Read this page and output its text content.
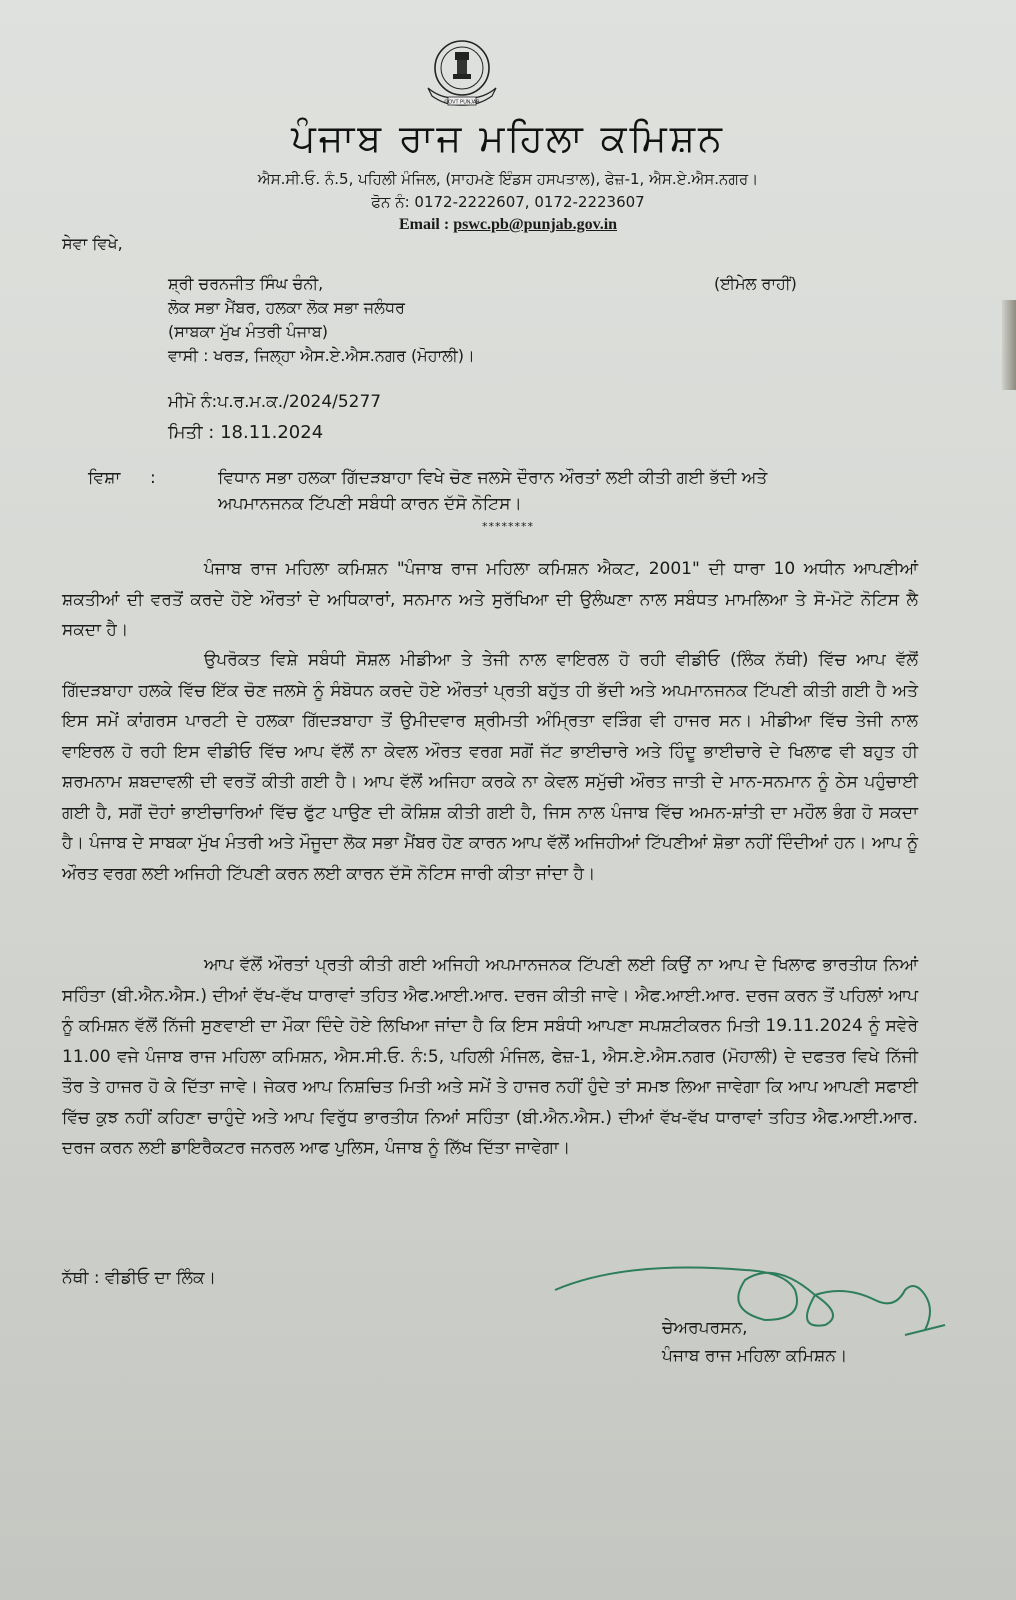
GOVT PUNJAB
ਪੰਜਾਬ ਰਾਜ ਮਹਿਲਾ ਕਮਿਸ਼ਨ
ਐਸ.ਸੀ.ਓ. ਨੰ.5, ਪਹਿਲੀ ਮੰਜਿਲ, (ਸਾਹਮਣੇ ਇੰਡਸ ਹਸਪਤਾਲ), ਫੇਜ਼-1, ਐਸ.ਏ.ਐਸ.ਨਗਰ।
ਫੋਨ ਨੰ: 0172-2222607, 0172-2223607
Email : pswc.pb@punjab.gov.in
ਸੇਵਾ ਵਿਖੇ,
ਸ਼੍ਰੀ ਚਰਨਜੀਤ ਸਿੰਘ ਚੰਨੀ,	(ਈਮੇਲ ਰਾਹੀਂ)
ਲੋਕ ਸਭਾ ਮੈਂਬਰ, ਹਲਕਾ ਲੋਕ ਸਭਾ ਜਲੰਧਰ
(ਸਾਬਕਾ ਮੁੱਖ ਮੰਤਰੀ ਪੰਜਾਬ)
ਵਾਸੀ : ਖਰੜ, ਜਿਲ੍ਹਾ ਐਸ.ਏ.ਐਸ.ਨਗਰ (ਮੋਹਾਲੀ)।
ਮੀਮੋ ਨੰ:ਪ.ਰ.ਮ.ਕ./2024/5277
ਮਿਤੀ : 18.11.2024
ਵਿਸ਼ਾ :	ਵਿਧਾਨ ਸਭਾ ਹਲਕਾ ਗਿੱਦੜਬਾਹਾ ਵਿਖੇ ਚੋਣ ਜਲਸੇ ਦੌਰਾਨ ਔਰਤਾਂ ਲਈ ਕੀਤੀ ਗਈ ਭੱਦੀ ਅਤੇ
ਅਪਮਾਨਜਨਕ ਟਿੱਪਣੀ ਸਬੰਧੀ ਕਾਰਨ ਦੱਸੋ ਨੋਟਿਸ।
********
ਪੰਜਾਬ ਰਾਜ ਮਹਿਲਾ ਕਮਿਸ਼ਨ "ਪੰਜਾਬ ਰਾਜ ਮਹਿਲਾ ਕਮਿਸ਼ਨ ਐਕਟ, 2001" ਦੀ ਧਾਰਾ 10 ਅਧੀਨ ਆਪਣੀਆਂ ਸ਼ਕਤੀਆਂ ਦੀ ਵਰਤੋਂ ਕਰਦੇ ਹੋਏ ਔਰਤਾਂ ਦੇ ਅਧਿਕਾਰਾਂ, ਸਨਮਾਨ ਅਤੇ ਸੁਰੱਖਿਆ ਦੀ ਉਲੰਘਣਾ ਨਾਲ ਸਬੰਧਤ ਮਾਮਲਿਆ ਤੇ ਸੋ-ਮੋਟੋ ਨੋਟਿਸ ਲੈ ਸਕਦਾ ਹੈ।
ਉਪਰੋਕਤ ਵਿਸ਼ੇ ਸਬੰਧੀ ਸੋਸ਼ਲ ਮੀਡੀਆ ਤੇ ਤੇਜੀ ਨਾਲ ਵਾਇਰਲ ਹੋ ਰਹੀ ਵੀਡੀਓ (ਲਿੰਕ ਨੱਥੀ) ਵਿੱਚ ਆਪ ਵੱਲੋਂ ਗਿੱਦੜਬਾਹਾ ਹਲਕੇ ਵਿੱਚ ਇੱਕ ਚੋਣ ਜਲਸੇ ਨੂੰ ਸੰਬੋਧਨ ਕਰਦੇ ਹੋਏ ਔਰਤਾਂ ਪ੍ਰਤੀ ਬਹੁੱਤ ਹੀ ਭੱਦੀ ਅਤੇ ਅਪਮਾਨਜਨਕ ਟਿੱਪਣੀ ਕੀਤੀ ਗਈ ਹੈ ਅਤੇ ਇਸ ਸਮੇਂ ਕਾਂਗਰਸ ਪਾਰਟੀ ਦੇ ਹਲਕਾ ਗਿੱਦੜਬਾਹਾ ਤੋਂ ਉਮੀਦਵਾਰ ਸ਼੍ਰੀਮਤੀ ਅੰਮ੍ਰਿਤਾ ਵੜਿੰਗ ਵੀ ਹਾਜਰ ਸਨ। ਮੀਡੀਆ ਵਿੱਚ ਤੇਜੀ ਨਾਲ ਵਾਇਰਲ ਹੋ ਰਹੀ ਇਸ ਵੀਡੀਓ ਵਿੱਚ ਆਪ ਵੱਲੋਂ ਨਾ ਕੇਵਲ ਔਰਤ ਵਰਗ ਸਗੋਂ ਜੱਟ ਭਾਈਚਾਰੇ ਅਤੇ ਹਿੰਦੂ ਭਾਈਚਾਰੇ ਦੇ ਖਿਲਾਫ ਵੀ ਬਹੁਤ ਹੀ ਸ਼ਰਮਨਾਮ ਸ਼ਬਦਾਵਲੀ ਦੀ ਵਰਤੋਂ ਕੀਤੀ ਗਈ ਹੈ। ਆਪ ਵੱਲੋਂ ਅਜਿਹਾ ਕਰਕੇ ਨਾ ਕੇਵਲ ਸਮੁੱਚੀ ਔਰਤ ਜਾਤੀ ਦੇ ਮਾਨ-ਸਨਮਾਨ ਨੂੰ ਠੇਸ ਪਹੁੰਚਾਈ ਗਈ ਹੈ, ਸਗੋਂ ਦੋਹਾਂ ਭਾਈਚਾਰਿਆਂ ਵਿੱਚ ਫੁੱਟ ਪਾਉਣ ਦੀ ਕੋਸ਼ਿਸ਼ ਕੀਤੀ ਗਈ ਹੈ, ਜਿਸ ਨਾਲ ਪੰਜਾਬ ਵਿੱਚ ਅਮਨ-ਸ਼ਾਂਤੀ ਦਾ ਮਹੌਲ ਭੰਗ ਹੋ ਸਕਦਾ ਹੈ। ਪੰਜਾਬ ਦੇ ਸਾਬਕਾ ਮੁੱਖ ਮੰਤਰੀ ਅਤੇ ਮੌਜੂਦਾ ਲੋਕ ਸਭਾ ਮੈਂਬਰ ਹੋਣ ਕਾਰਨ ਆਪ ਵੱਲੋਂ ਅਜਿਹੀਆਂ ਟਿੱਪਣੀਆਂ ਸ਼ੋਭਾ ਨਹੀਂ ਦਿੰਦੀਆਂ ਹਨ। ਆਪ ਨੂੰ ਔਰਤ ਵਰਗ ਲਈ ਅਜਿਹੀ ਟਿੱਪਣੀ ਕਰਨ ਲਈ ਕਾਰਨ ਦੱਸੋ ਨੋਟਿਸ ਜਾਰੀ ਕੀਤਾ ਜਾਂਦਾ ਹੈ।
ਆਪ ਵੱਲੋਂ ਔਰਤਾਂ ਪ੍ਰਤੀ ਕੀਤੀ ਗਈ ਅਜਿਹੀ ਅਪਮਾਨਜਨਕ ਟਿੱਪਣੀ ਲਈ ਕਿਉਂ ਨਾ ਆਪ ਦੇ ਖਿਲਾਫ ਭਾਰਤੀਯ ਨਿਆਂ ਸਹਿੰਤਾ (ਬੀ.ਐਨ.ਐਸ.) ਦੀਆਂ ਵੱਖ-ਵੱਖ ਧਾਰਾਵਾਂ ਤਹਿਤ ਐਫ.ਆਈ.ਆਰ. ਦਰਜ ਕੀਤੀ ਜਾਵੇ। ਐਫ.ਆਈ.ਆਰ. ਦਰਜ ਕਰਨ ਤੋਂ ਪਹਿਲਾਂ ਆਪ ਨੂੰ ਕਮਿਸ਼ਨ ਵੱਲੋਂ ਨਿੱਜੀ ਸੁਣਵਾਈ ਦਾ ਮੌਕਾ ਦਿੰਦੇ ਹੋਏ ਲਿਖਿਆ ਜਾਂਦਾ ਹੈ ਕਿ ਇਸ ਸਬੰਧੀ ਆਪਣਾ ਸਪਸ਼ਟੀਕਰਨ ਮਿਤੀ 19.11.2024 ਨੂੰ ਸਵੇਰੇ 11.00 ਵਜੇ ਪੰਜਾਬ ਰਾਜ ਮਹਿਲਾ ਕਮਿਸ਼ਨ, ਐਸ.ਸੀ.ਓ. ਨੰ:5, ਪਹਿਲੀ ਮੰਜਿਲ, ਫੇਜ਼-1, ਐਸ.ਏ.ਐਸ.ਨਗਰ (ਮੋਹਾਲੀ) ਦੇ ਦਫਤਰ ਵਿਖੇ ਨਿੱਜੀ ਤੌਰ ਤੇ ਹਾਜਰ ਹੋ ਕੇ ਦਿੱਤਾ ਜਾਵੇ। ਜੇਕਰ ਆਪ ਨਿਸ਼ਚਿਤ ਮਿਤੀ ਅਤੇ ਸਮੇਂ ਤੇ ਹਾਜਰ ਨਹੀਂ ਹੁੰਦੇ ਤਾਂ ਸਮਝ ਲਿਆ ਜਾਵੇਗਾ ਕਿ ਆਪ ਆਪਣੀ ਸਫਾਈ ਵਿੱਚ ਕੁਝ ਨਹੀਂ ਕਹਿਣਾ ਚਾਹੁੰਦੇ ਅਤੇ ਆਪ ਵਿਰੁੱਧ ਭਾਰਤੀਯ ਨਿਆਂ ਸਹਿੰਤਾ (ਬੀ.ਐਨ.ਐਸ.) ਦੀਆਂ ਵੱਖ-ਵੱਖ ਧਾਰਾਵਾਂ ਤਹਿਤ ਐਫ.ਆਈ.ਆਰ. ਦਰਜ ਕਰਨ ਲਈ ਡਾਇਰੈਕਟਰ ਜਨਰਲ ਆਫ ਪੁਲਿਸ, ਪੰਜਾਬ ਨੂੰ ਲਿੱਖ ਦਿੱਤਾ ਜਾਵੇਗਾ।
ਨੱਥੀ : ਵੀਡੀਓ ਦਾ ਲਿੰਕ।
ਚੇਅਰਪਰਸਨ,
ਪੰਜਾਬ ਰਾਜ ਮਹਿਲਾ ਕਮਿਸ਼ਨ।
